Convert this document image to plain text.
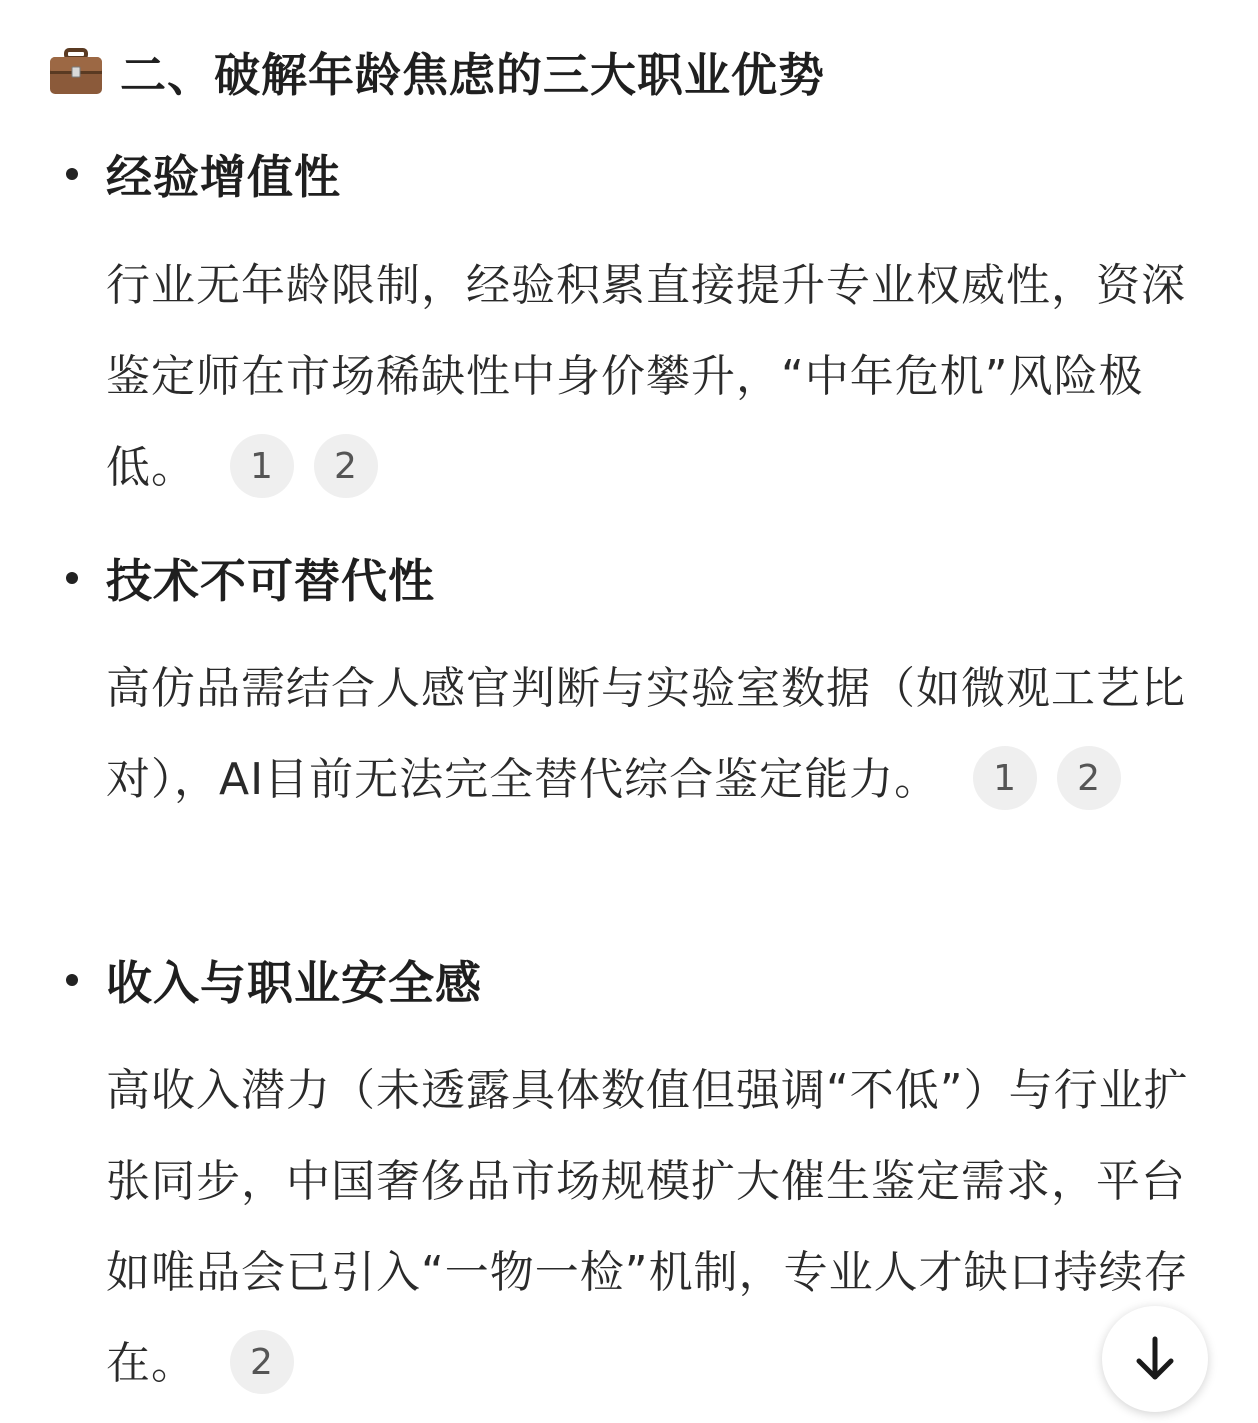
二、破解年龄焦虑的三大职业优势
经验增值性
行业无年龄限制，经验积累直接提升专业权威性，资深鉴定师在市场稀缺性中身价攀升，“中年危机”风险极低。 1 2
技术不可替代性
高仿品需结合人感官判断与实验室数据（如微观工艺比对），AI目前无法完全替代综合鉴定能力。 1 2
收入与职业安全感
高收入潜力（未透露具体数值但强调“不低”）与行业扩张同步，中国奢侈品市场规模扩大催生鉴定需求，平台如唯品会已引入“一物一检”机制，专业人才缺口持续存在。 2
